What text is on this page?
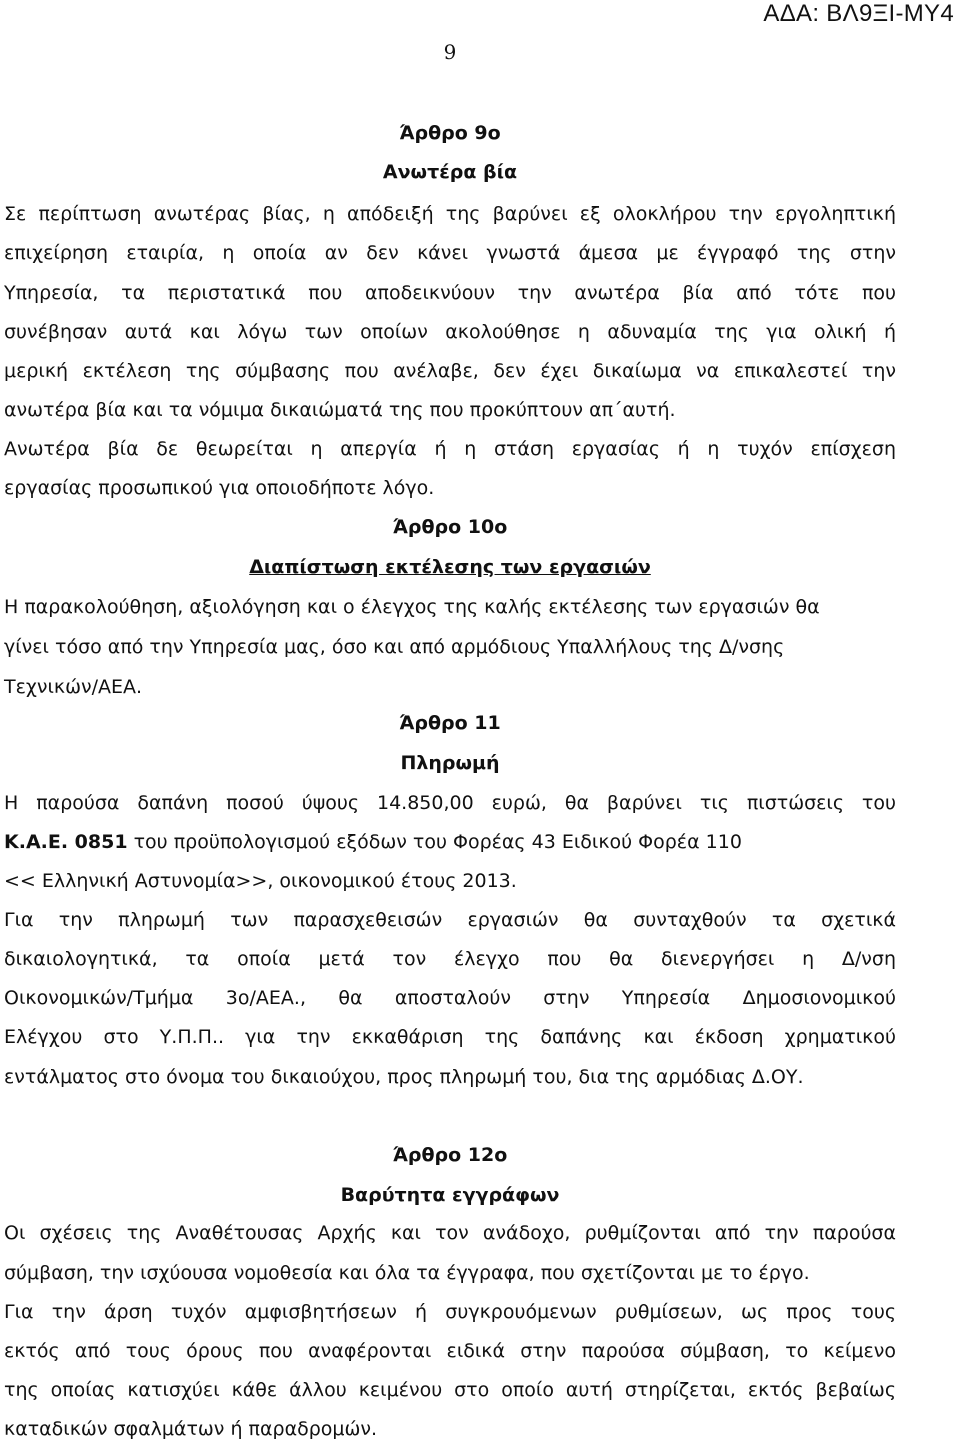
ΑΔΑ: ΒΛ9ΞΙ-ΜΥ4
9
Άρθρο 9ο
Ανωτέρα βία
Σε περίπτωση ανωτέρας βίας, η απόδειξή της βαρύνει εξ ολοκλήρου την εργοληπτική
επιχείρηση εταιρία, η οποία αν δεν κάνει γνωστά άμεσα με έγγραφό της στην
Υπηρεσία, τα περιστατικά που αποδεικνύουν την ανωτέρα βία από τότε που
συνέβησαν αυτά και λόγω των οποίων ακολούθησε η αδυναμία της για ολική ή
μερική εκτέλεση της σύμβασης που ανέλαβε, δεν έχει δικαίωμα να επικαλεστεί την
ανωτέρα βία και τα νόμιμα δικαιώματά της που προκύπτουν απ΄αυτή.
Ανωτέρα βία δε θεωρείται η απεργία ή η στάση εργασίας ή η τυχόν επίσχεση
εργασίας προσωπικού για οποιοδήποτε λόγο.
Άρθρο 10ο
Διαπίστωση εκτέλεσης των εργασιών
Η παρακολούθηση, αξιολόγηση και ο έλεγχος της καλής εκτέλεσης των εργασιών θα
γίνει τόσο από την Υπηρεσία μας, όσο και από αρμόδιους Υπαλλήλους της Δ/νσης
Τεχνικών/ΑΕΑ.
Άρθρο 11
Πληρωμή
Η παρούσα δαπάνη ποσού ύψους 14.850,00 ευρώ, θα βαρύνει τις πιστώσεις του
Κ.Α.Ε. 0851 του προϋπολογισμού εξόδων του Φορέας 43 Ειδικού Φορέα 110
<< Ελληνική Αστυνομία>>, οικονομικού έτους 2013.
Για την πληρωμή των παρασχεθεισών εργασιών θα συνταχθούν τα σχετικά
δικαιολογητικά, τα οποία μετά τον έλεγχο που θα διενεργήσει η Δ/νση
Οικονομικών/Τμήμα 3ο/ΑΕΑ., θα αποσταλούν στην Υπηρεσία Δημοσιονομικού
Ελέγχου στο Υ.Π.Π.. για την εκκαθάριση της δαπάνης και έκδοση χρηματικού
εντάλματος στο όνομα του δικαιούχου, προς πληρωμή του, δια της αρμόδιας Δ.ΟΥ.
Άρθρο 12ο
Βαρύτητα εγγράφων
Οι σχέσεις της Αναθέτουσας Αρχής και τον ανάδοχο, ρυθμίζονται από την παρούσα
σύμβαση, την ισχύουσα νομοθεσία και όλα τα έγγραφα, που σχετίζονται με το έργο.
Για την άρση τυχόν αμφισβητήσεων ή συγκρουόμενων ρυθμίσεων, ως προς τους
εκτός από τους όρους που αναφέρονται ειδικά στην παρούσα σύμβαση, το κείμενο
της οποίας κατισχύει κάθε άλλου κειμένου στο οποίο αυτή στηρίζεται, εκτός βεβαίως
καταδικών σφαλμάτων ή παραδρομών.
